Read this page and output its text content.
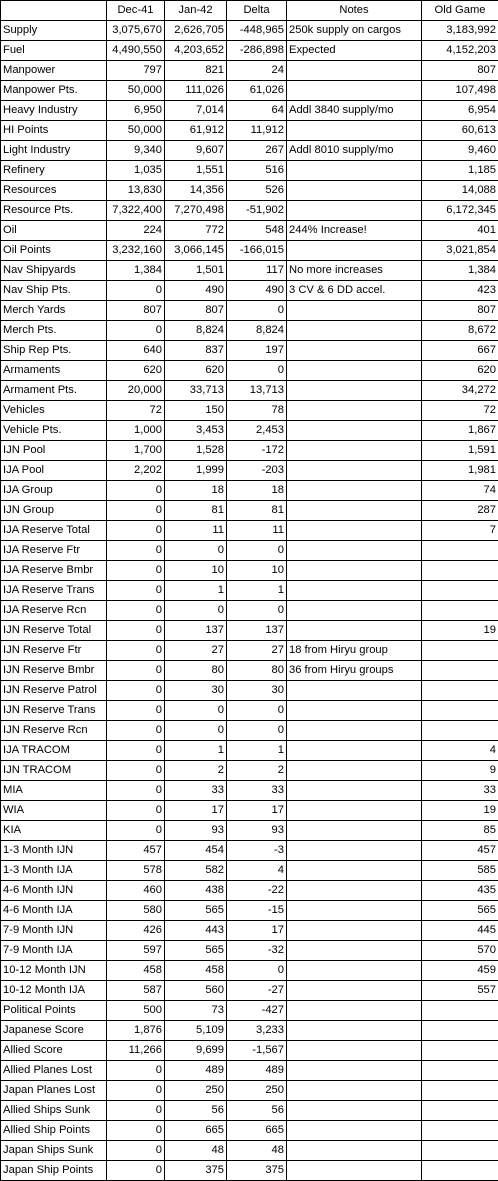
	Dec-41	Jan-42	Delta	Notes	Old Game
Supply	3,075,670	2,626,705	-448,965	250k supply on cargos	3,183,992
Fuel	4,490,550	4,203,652	-286,898	Expected	4,152,203
Manpower	797	821	24		807
Manpower Pts.	50,000	111,026	61,026		107,498
Heavy Industry	6,950	7,014	64	Addl 3840 supply/mo	6,954
HI Points	50,000	61,912	11,912		60,613
Light Industry	9,340	9,607	267	Addl 8010 supply/mo	9,460
Refinery	1,035	1,551	516		1,185
Resources	13,830	14,356	526		14,088
Resource Pts.	7,322,400	7,270,498	-51,902		6,172,345
Oil	224	772	548	244% Increase!	401
Oil Points	3,232,160	3,066,145	-166,015		3,021,854
Nav Shipyards	1,384	1,501	117	No more increases	1,384
Nav Ship Pts.	0	490	490	3 CV & 6 DD accel.	423
Merch Yards	807	807	0		807
Merch Pts.	0	8,824	8,824		8,672
Ship Rep Pts.	640	837	197		667
Armaments	620	620	0		620
Armament Pts.	20,000	33,713	13,713		34,272
Vehicles	72	150	78		72
Vehicle Pts.	1,000	3,453	2,453		1,867
IJN Pool	1,700	1,528	-172		1,591
IJA Pool	2,202	1,999	-203		1,981
IJA Group	0	18	18		74
IJN Group	0	81	81		287
IJA Reserve Total	0	11	11		7
IJA Reserve Ftr	0	0	0		
IJA Reserve Bmbr	0	10	10		
IJA Reserve Trans	0	1	1		
IJA Reserve Rcn	0	0	0		
IJN Reserve Total	0	137	137		19
IJN Reserve Ftr	0	27	27	18 from Hiryu group	
IJN Reserve Bmbr	0	80	80	36 from Hiryu groups	
IJN Reserve Patrol	0	30	30		
IJN Reserve Trans	0	0	0		
IJN Reserve Rcn	0	0	0		
IJA TRACOM	0	1	1		4
IJN TRACOM	0	2	2		9
MIA	0	33	33		33
WIA	0	17	17		19
KIA	0	93	93		85
1-3 Month IJN	457	454	-3		457
1-3 Month IJA	578	582	4		585
4-6 Month IJN	460	438	-22		435
4-6 Month IJA	580	565	-15		565
7-9 Month IJN	426	443	17		445
7-9 Month IJA	597	565	-32		570
10-12 Month IJN	458	458	0		459
10-12 Month IJA	587	560	-27		557
Political Points	500	73	-427		
Japanese Score	1,876	5,109	3,233		
Allied Score	11,266	9,699	-1,567		
Allied Planes Lost	0	489	489		
Japan Planes Lost	0	250	250		
Allied Ships Sunk	0	56	56		
Allied Ship Points	0	665	665		
Japan Ships Sunk	0	48	48		
Japan Ship Points	0	375	375		
